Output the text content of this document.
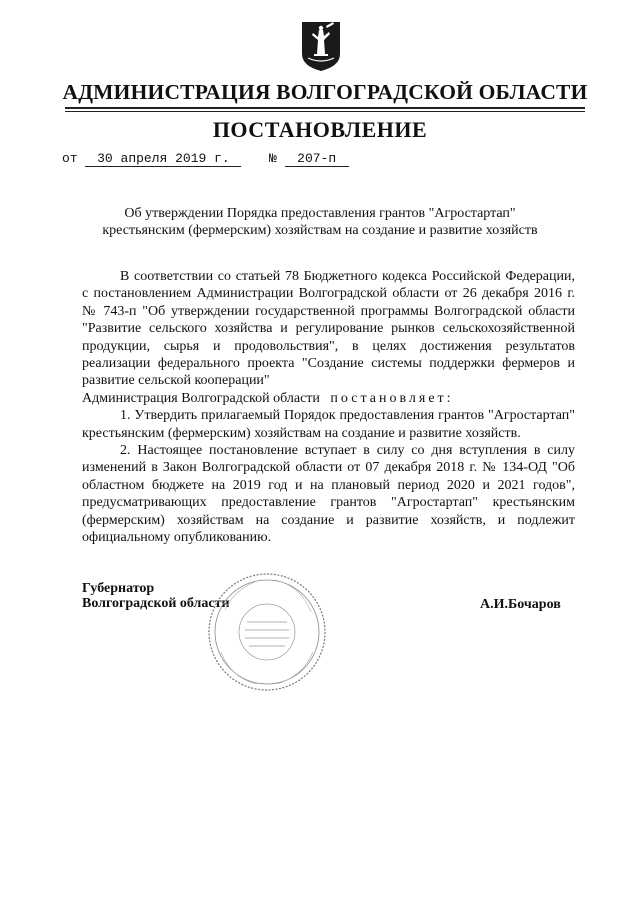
АДМИНИСТРАЦИЯ ВОЛГОГРАДСКОЙ ОБЛАСТИ
ПОСТАНОВЛЕНИЕ
от 30 апреля 2019 г.	№ 207-п
Об утверждении Порядка предоставления грантов "Агростартап"
крестьянским (фермерским) хозяйствам на создание и развитие хозяйств

В соответствии со статьей 78 Бюджетного кодекса Российской Федерации, с постановлением Администрации Волгоградской области от 26 декабря 2016 г. № 743-п "Об утверждении государственной программы Волгоградской области "Развитие сельского хозяйства и регулирование рынков сельскохозяйственной продукции, сырья и продовольствия", в целях достижения результатов реализации федерального проекта "Создание системы поддержки фермеров и развитие сельской кооперации"

Администрация Волгоградской области постановляет:

1. Утвердить прилагаемый Порядок предоставления грантов "Агростартап" крестьянским (фермерским) хозяйствам на создание и развитие хозяйств.

2. Настоящее постановление вступает в силу со дня вступления в силу изменений в Закон Волгоградской области от 07 декабря 2018 г. № 134-ОД "Об областном бюджете на 2019 год и на плановый период 2020 и 2021 годов", предусматривающих предоставление грантов "Агростартап" крестьянским (фермерским) хозяйствам на создание и развитие хозяйств, и подлежит официальному опубликованию.

Губернатор
Волгоградской области	А.И.Бочаров
